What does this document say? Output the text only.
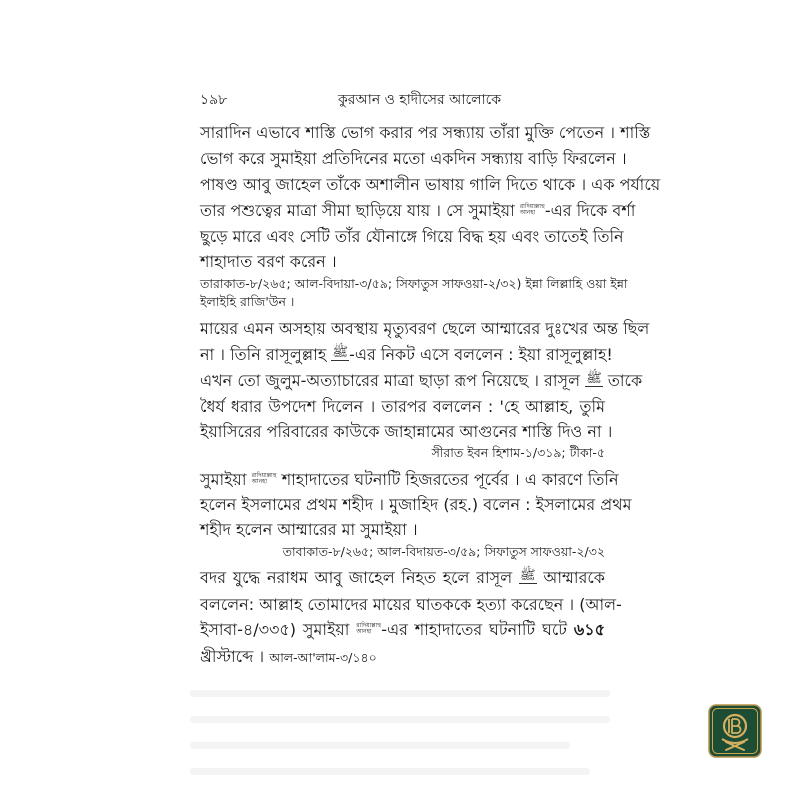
১৯৮	কুরআন ও হাদীসের আলোকে
সারাদিন এভাবে শাস্তি ভোগ করার পর সন্ধ্যায় তাঁরা মুক্তি পেতেন । শাস্তি
ভোগ করে সুমাইয়া প্রতিদিনের মতো একদিন সন্ধ্যায় বাড়ি ফিরলেন ।
পাষণ্ড আবু জাহেল তাঁকে অশালীন ভাষায় গালি দিতে থাকে । এক পর্যায়ে
তার পশুত্বের মাত্রা সীমা ছাড়িয়ে যায় । সে সুমাইয়া রাদিয়াল্লাহু
আনহা -এর দিকে বর্শা
ছুড়ে মারে এবং সেটি তাঁর যৌনাঙ্গে গিয়ে বিদ্ধ হয় এবং তাতেই তিনি
শাহাদাত বরণ করেন ।
তারাকাত-৮/২৬৫; আল-বিদায়া-৩/৫৯; সিফাতুস সাফওয়া-২/৩২) ইন্না লিল্লাহি ওয়া ইন্না
ইলাইহি রাজি'উন ।
মায়ের এমন অসহায় অবস্থায় মৃত্যুবরণ ছেলে আম্মারের দুঃখের অন্ত ছিল
না । তিনি রাসূলুল্লাহ ﷺ-এর নিকট এসে বললেন : ইয়া রাসূলুল্লাহ!
এখন তো জুলুম-অত্যাচারের মাত্রা ছাড়া রূপ নিয়েছে । রাসূল ﷺ তাকে
ধৈর্য ধরার উপদেশ দিলেন । তারপর বললেন : 'হে আল্লাহ, তুমি
ইয়াসিরের পরিবারের কাউকে জাহান্নামের আগুনের শাস্তি দিও না ।
সীরাত ইবন হিশাম-১/৩১৯; টীকা-৫
সুমাইয়া রাদিয়াল্লাহু
আনহা শাহাদাতের ঘটনাটি হিজরতের পূর্বের । এ কারণে তিনি
হলেন ইসলামের প্রথম শহীদ । মুজাহিদ (রহ.) বলেন : ইসলামের প্রথম
শহীদ হলেন আম্মারের মা সুমাইয়া ।
তাবাকাত-৮/২৬৫; আল-বিদায়ত-৩/৫৯; সিফাতুস সাফওয়া-২/৩২
বদর যুদ্ধে নরাধম আবু জাহেল নিহত হলে রাসূল ﷺ আম্মারকে
বললেন: আল্লাহ তোমাদের মায়ের ঘাতককে হত্যা করেছেন । (আল-
ইসাবা-৪/৩৩৫) সুমাইয়া রাদিয়াল্লাহু
আনহা -এর শাহাদাতের ঘটনাটি ঘটে ৬১৫
খ্রীস্টাব্দে । আল-আ'লাম-৩/১৪০
